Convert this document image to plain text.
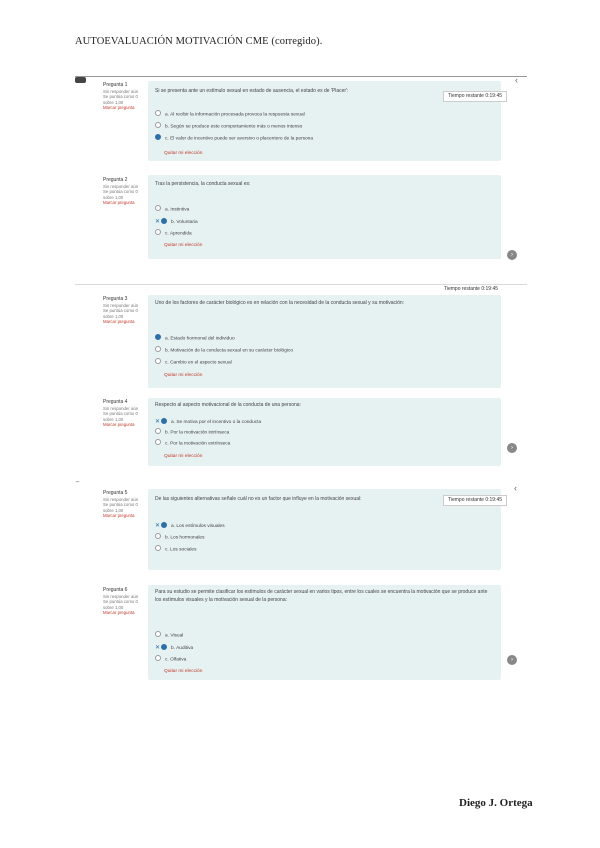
AUTOEVALUACIÓN MOTIVACIÓN CME (corregido).
‹
Pregunta 1
Sin responder aún
Se puntúa como 0 sobre 1,00
Marcar pregunta
Si se presenta ante un estímulo sexual en estado de ausencia, el estado es de 'Placer':
a. Al recibir la información procesada provoca la respuesta sexual
b. Según se produce este comportamiento más o menos intenso
c. El valor de incentivo puede ser aversivo o placentero de la persona
Quitar mi elección
Tiempo restante 0:19:45
Pregunta 2
Sin responder aún
Se puntúa como 0 sobre 1,00
Marcar pregunta
Tras la persistencia, la conducta sexual es:
a. Instintiva
✕ b. Voluntaria
c. Aprendida
Quitar mi elección
›
Tiempo restante 0:19:45
Pregunta 3
Sin responder aún
Se puntúa como 0 sobre 1,00
Marcar pregunta
Uno de los factores de carácter biológico es en relación con la necesidad de la conducta sexual y su motivación:
a. Estado hormonal del individuo
b. Motivación de la conducta sexual en su carácter biológico
c. Cambio en el aspecto sexual
Quitar mi elección
Pregunta 4
Sin responder aún
Se puntúa como 0 sobre 1,00
Marcar pregunta
Respecto al aspecto motivacional de la conducta de una persona:
✕ a. Se motiva por el incentivo o la conducta
b. Por la motivación intrínseca
c. Por la motivación extrínseca
Quitar mi elección
›
‾	‹
Pregunta 5
Sin responder aún
Se puntúa como 0 sobre 1,00
Marcar pregunta
De las siguientes alternativas señale cuál no es un factor que influye en la motivación sexual:
✕ a. Los estímulos visuales
b. Los hormonales
c. Los sociales
Tiempo restante 0:19:45
Pregunta 6
Sin responder aún
Se puntúa como 0 sobre 1,00
Marcar pregunta
Para su estudio se permite clasificar los estímulos de carácter sexual en varios tipos, entre los cuales se encuentra la motivación que se produce ante los estímulos visuales y la motivación sexual de la persona:
a. Visual
✕ b. Auditiva
c. Olfativa
Quitar mi elección
›
Diego J. Ortega
